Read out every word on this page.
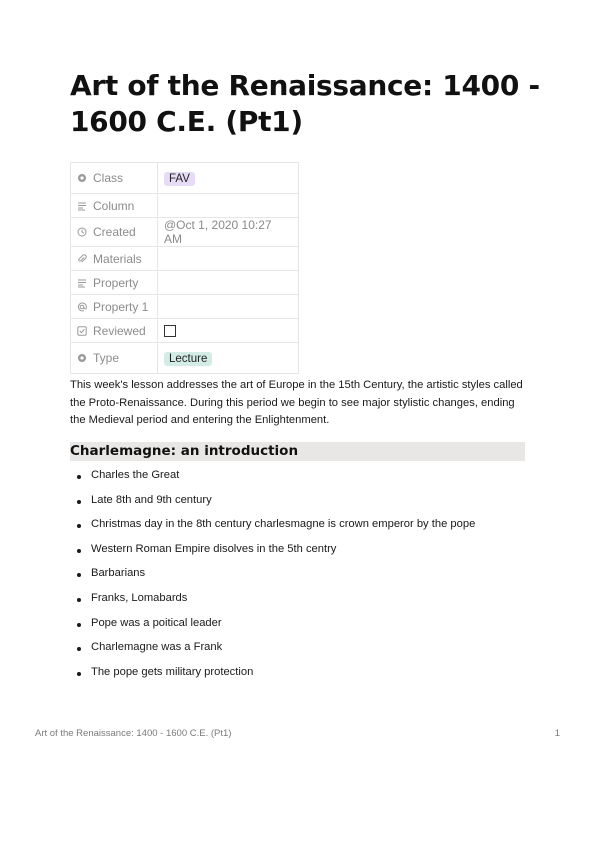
Art of the Renaissance: 1400 - 1600 C.E. (Pt1)
Class	FAV

Column	

Created	@Oct 1, 2020 10:27 AM

Materials	

Property	

Property 1	

Reviewed	

Type	Lecture

This week's lesson addresses the art of Europe in the 15th Century, the artistic styles called the Proto-Renaissance. During this period we begin to see major stylistic changes, ending the Medieval period and entering the Enlightenment.

Charlemagne: an introduction
Charles the Great
Late 8th and 9th century
Christmas day in the 8th century charlesmagne is crown emperor by the pope
Western Roman Empire disolves in the 5th centry
Barbarians
Franks, Lomabards
Pope was a poitical leader
Charlemagne was a Frank
The pope gets military protection
Art of the Renaissance: 1400 - 1600 C.E. (Pt1)	1
